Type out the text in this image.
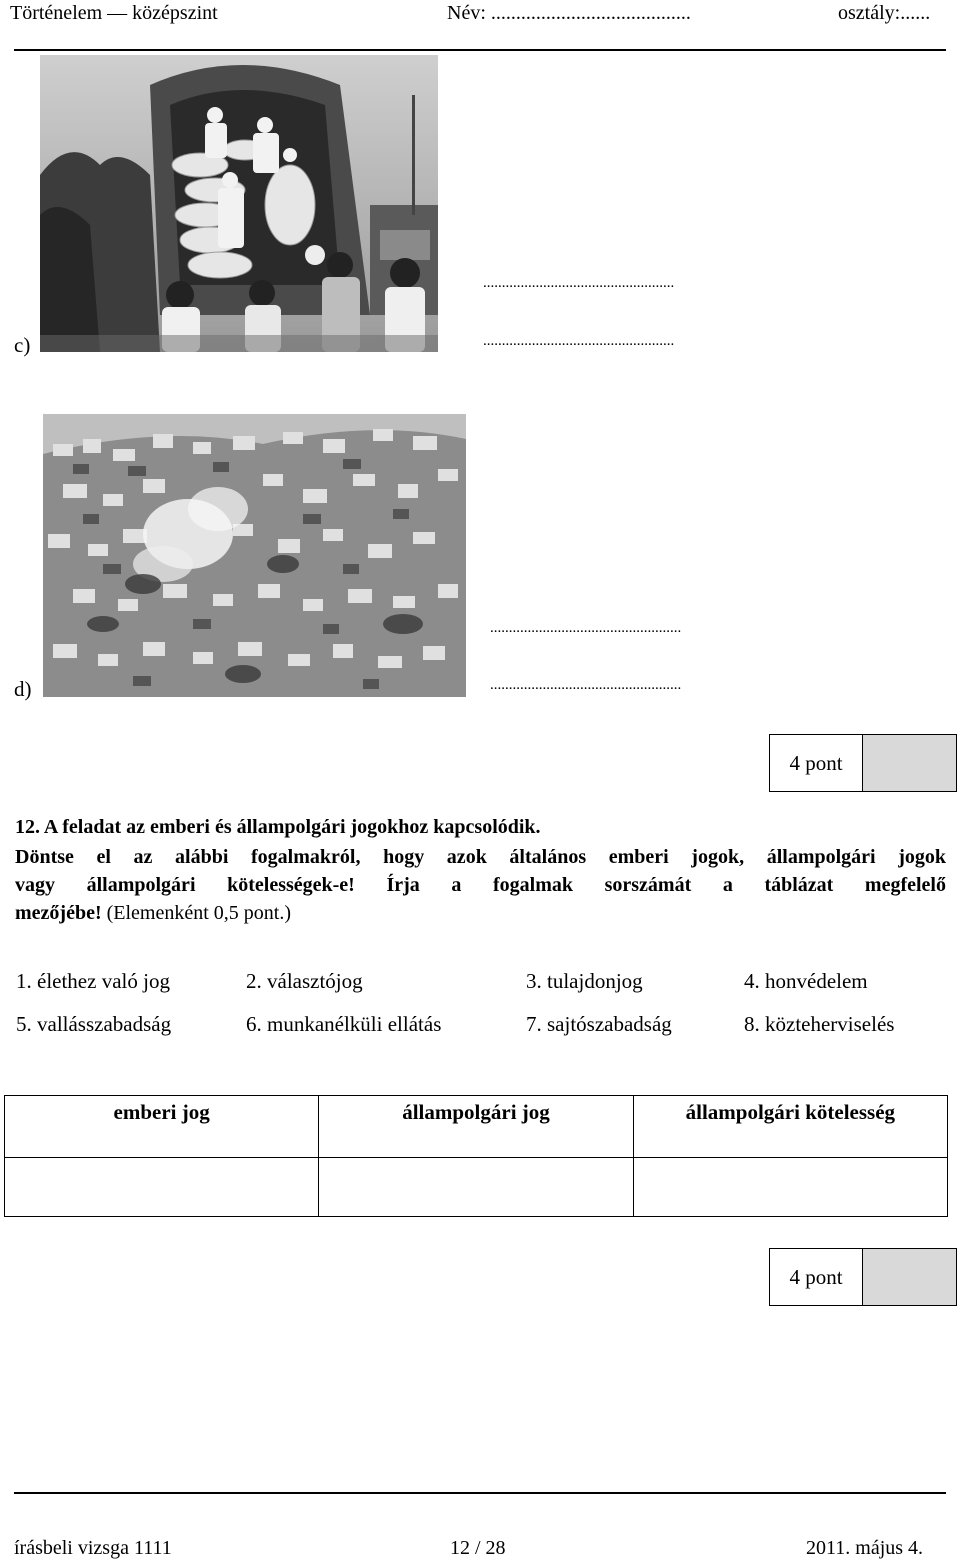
Történelem — középszint	Név: ........................................	osztály:......
c)
...................................................
...................................................
d)
...................................................
...................................................
4 pont
12. A feladat az emberi és állampolgári jogokhoz kapcsolódik.
Döntse el az alábbi fogalmakról, hogy azok általános emberi jogok, állampolgári jogok
vagy állampolgári kötelességek-e! Írja a fogalmak sorszámát a táblázat megfelelő
mezőjébe! (Elemenként 0,5 pont.)
1. élethez való jog	2. választójog	3. tulajdonjog	4. honvédelem
5. vallásszabadság	6. munkanélküli ellátás	7. sajtószabadság	8. közteherviselés
emberi jog	állampolgári jog	állampolgári kötelesség

4 pont
írásbeli vizsga 1111	12 / 28	2011. május 4.
